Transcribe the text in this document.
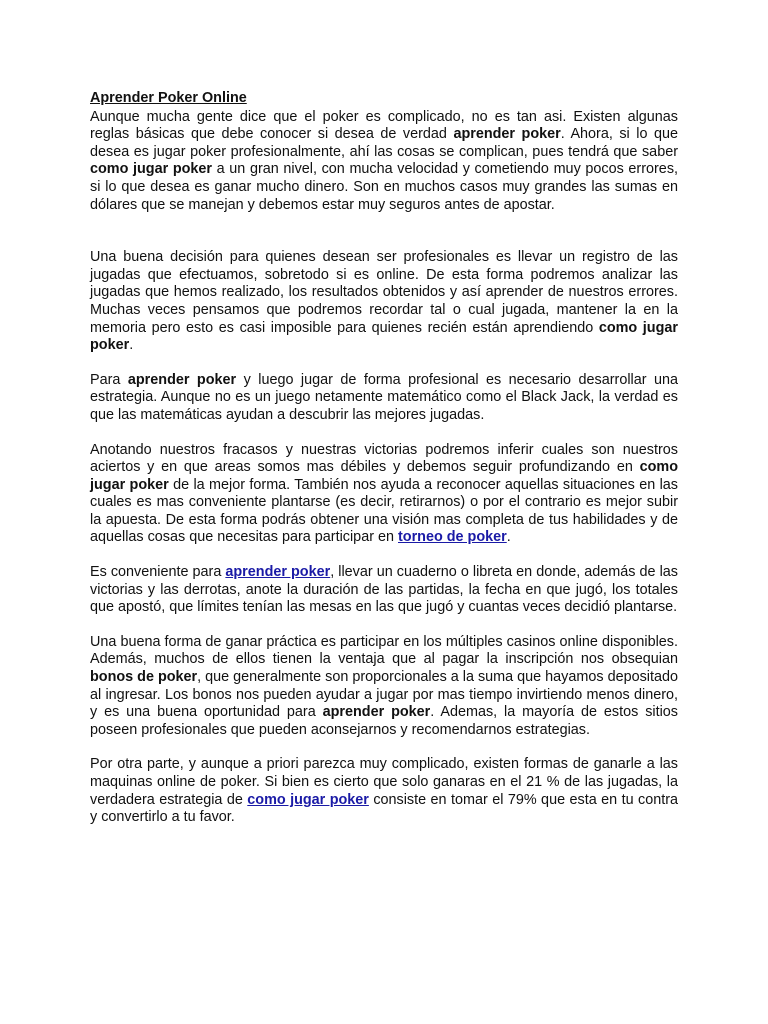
Aprender Poker Online

Aunque mucha gente dice que el poker es complicado, no es tan asi. Existen algunas reglas básicas que debe conocer si desea de verdad aprender poker. Ahora, si lo que desea es jugar poker profesionalmente, ahí las cosas se complican, pues tendrá que saber como jugar poker a un gran nivel, con mucha velocidad y cometiendo muy pocos errores, si lo que desea es ganar mucho dinero. Son en muchos casos muy grandes las sumas en dólares que se manejan y debemos estar muy seguros antes de apostar.

Una buena decisión para quienes desean ser profesionales es llevar un registro de las jugadas que efectuamos, sobretodo si es online. De esta forma podremos analizar las jugadas que hemos realizado, los resultados obtenidos y así aprender de nuestros errores. Muchas veces pensamos que podremos recordar tal o cual jugada, mantener la en la memoria pero esto es casi imposible para quienes recién están aprendiendo como jugar poker.

Para aprender poker y luego jugar de forma profesional es necesario desarrollar una estrategia. Aunque no es un juego netamente matemático como el Black Jack, la verdad es que las matemáticas ayudan a descubrir las mejores jugadas.

Anotando nuestros fracasos y nuestras victorias podremos inferir cuales son nuestros aciertos y en que areas somos mas débiles y debemos seguir profundizando en como jugar poker de la mejor forma. También nos ayuda a reconocer aquellas situaciones en las cuales es mas conveniente plantarse (es decir, retirarnos) o por el contrario es mejor subir la apuesta. De esta forma podrás obtener una visión mas completa de tus habilidades y de aquellas cosas que necesitas para participar en torneo de poker.

Es conveniente para aprender poker, llevar un cuaderno o libreta en donde, además de las victorias y las derrotas, anote la duración de las partidas, la fecha en que jugó, los totales que apostó, que límites tenían las mesas en las que jugó y cuantas veces decidió plantarse.

Una buena forma de ganar práctica es participar en los múltiples casinos online disponibles. Además, muchos de ellos tienen la ventaja que al pagar la inscripción nos obsequian bonos de poker, que generalmente son proporcionales a la suma que hayamos depositado al ingresar. Los bonos nos pueden ayudar a jugar por mas tiempo invirtiendo menos dinero, y es una buena oportunidad para aprender poker. Ademas, la mayoría de estos sitios poseen profesionales que pueden aconsejarnos y recomendarnos estrategias.

Por otra parte, y aunque a priori parezca muy complicado, existen formas de ganarle a las maquinas online de poker. Si bien es cierto que solo ganaras en el 21 % de las jugadas, la verdadera estrategia de como jugar poker consiste en tomar el 79% que esta en tu contra y convertirlo a tu favor.
